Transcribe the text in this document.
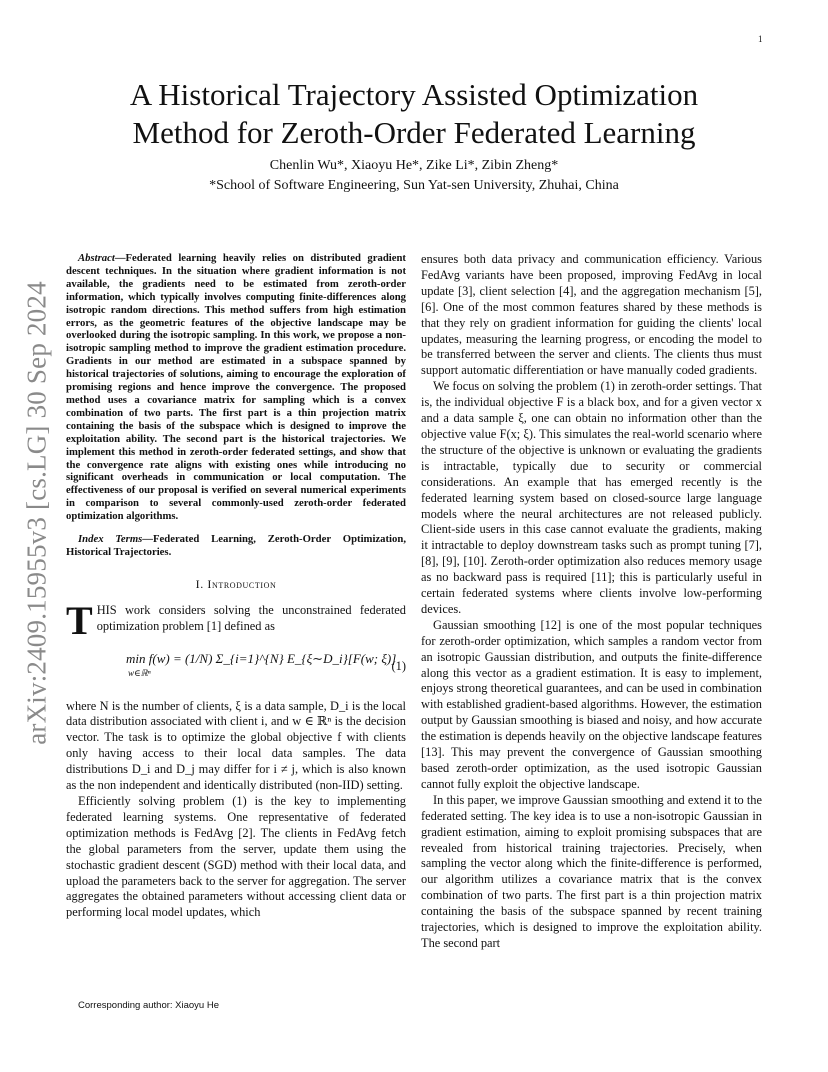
1
arXiv:2409.15955v3 [cs.LG] 30 Sep 2024
A Historical Trajectory Assisted Optimization
Method for Zeroth-Order Federated Learning
Chenlin Wu*, Xiaoyu He*, Zike Li*, Zibin Zheng*
*School of Software Engineering, Sun Yat-sen University, Zhuhai, China

Abstract—Federated learning heavily relies on distributed gradient descent techniques. In the situation where gradient information is not available, the gradients need to be estimated from zeroth-order information, which typically involves computing finite-differences along isotropic random directions. This method suffers from high estimation errors, as the geometric features of the objective landscape may be overlooked during the isotropic sampling. In this work, we propose a non-isotropic sampling method to improve the gradient estimation procedure. Gradients in our method are estimated in a subspace spanned by historical trajectories of solutions, aiming to encourage the exploration of promising regions and hence improve the convergence. The proposed method uses a covariance matrix for sampling which is a convex combination of two parts. The first part is a thin projection matrix containing the basis of the subspace which is designed to improve the exploitation ability. The second part is the historical trajectories. We implement this method in zeroth-order federated settings, and show that the convergence rate aligns with existing ones while introducing no significant overheads in communication or local computation. The effectiveness of our proposal is verified on several numerical experiments in comparison to several commonly-used zeroth-order federated optimization algorithms.

Index Terms—Federated Learning, Zeroth-Order Optimization, Historical Trajectories.

I. Introduction

THIS work considers solving the unconstrained federated optimization problem [1] defined as

min f(w) = (1/N) Σ_{i=1}^{N} E_{ξ∼D_i}[F(w; ξ)]
w∈ℝⁿ
(1)

where N is the number of clients, ξ is a data sample, D_i is the local data distribution associated with client i, and w ∈ ℝⁿ is the decision vector. The task is to optimize the global objective f with clients only having access to their local data samples. The data distributions D_i and D_j may differ for i ≠ j, which is also known as the non independent and identically distributed (non-IID) setting.

Efficiently solving problem (1) is the key to implementing federated learning systems. One representative of federated optimization methods is FedAvg [2]. The clients in FedAvg fetch the global parameters from the server, update them using the stochastic gradient descent (SGD) method with their local data, and upload the parameters back to the server for aggregation. The server aggregates the obtained parameters without accessing client data or performing local model updates, which

ensures both data privacy and communication efficiency. Various FedAvg variants have been proposed, improving FedAvg in local update [3], client selection [4], and the aggregation mechanism [5], [6]. One of the most common features shared by these methods is that they rely on gradient information for guiding the clients' local updates, measuring the learning progress, or encoding the model to be transferred between the server and clients. The clients thus must support automatic differentiation or have manually coded gradients.

We focus on solving the problem (1) in zeroth-order settings. That is, the individual objective F is a black box, and for a given vector x and a data sample ξ, one can obtain no information other than the objective value F(x; ξ). This simulates the real-world scenario where the structure of the objective is unknown or evaluating the gradients is intractable, typically due to security or commercial considerations. An example that has emerged recently is the federated learning system based on closed-source large language models where the neural architectures are not released publicly. Client-side users in this case cannot evaluate the gradients, making it intractable to deploy downstream tasks such as prompt tuning [7], [8], [9], [10]. Zeroth-order optimization also reduces memory usage as no backward pass is required [11]; this is particularly useful in certain federated systems where clients involve low-performing devices.

Gaussian smoothing [12] is one of the most popular techniques for zeroth-order optimization, which samples a random vector from an isotropic Gaussian distribution, and outputs the finite-difference along this vector as a gradient estimation. It is easy to implement, enjoys strong theoretical guarantees, and can be used in combination with established gradient-based algorithms. However, the estimation output by Gaussian smoothing is biased and noisy, and how accurate the estimation is depends heavily on the objective landscape features [13]. This may prevent the convergence of Gaussian smoothing based zeroth-order optimization, as the used isotropic Gaussian cannot fully exploit the objective landscape.

In this paper, we improve Gaussian smoothing and extend it to the federated setting. The key idea is to use a non-isotropic Gaussian in gradient estimation, aiming to exploit promising subspaces that are revealed from historical training trajectories. Precisely, when sampling the vector along which the finite-difference is performed, our algorithm utilizes a covariance matrix that is the convex combination of two parts. The first part is a thin projection matrix containing the basis of the subspace spanned by recent training trajectories, which is designed to improve the exploitation ability. The second part

Corresponding author: Xiaoyu He
